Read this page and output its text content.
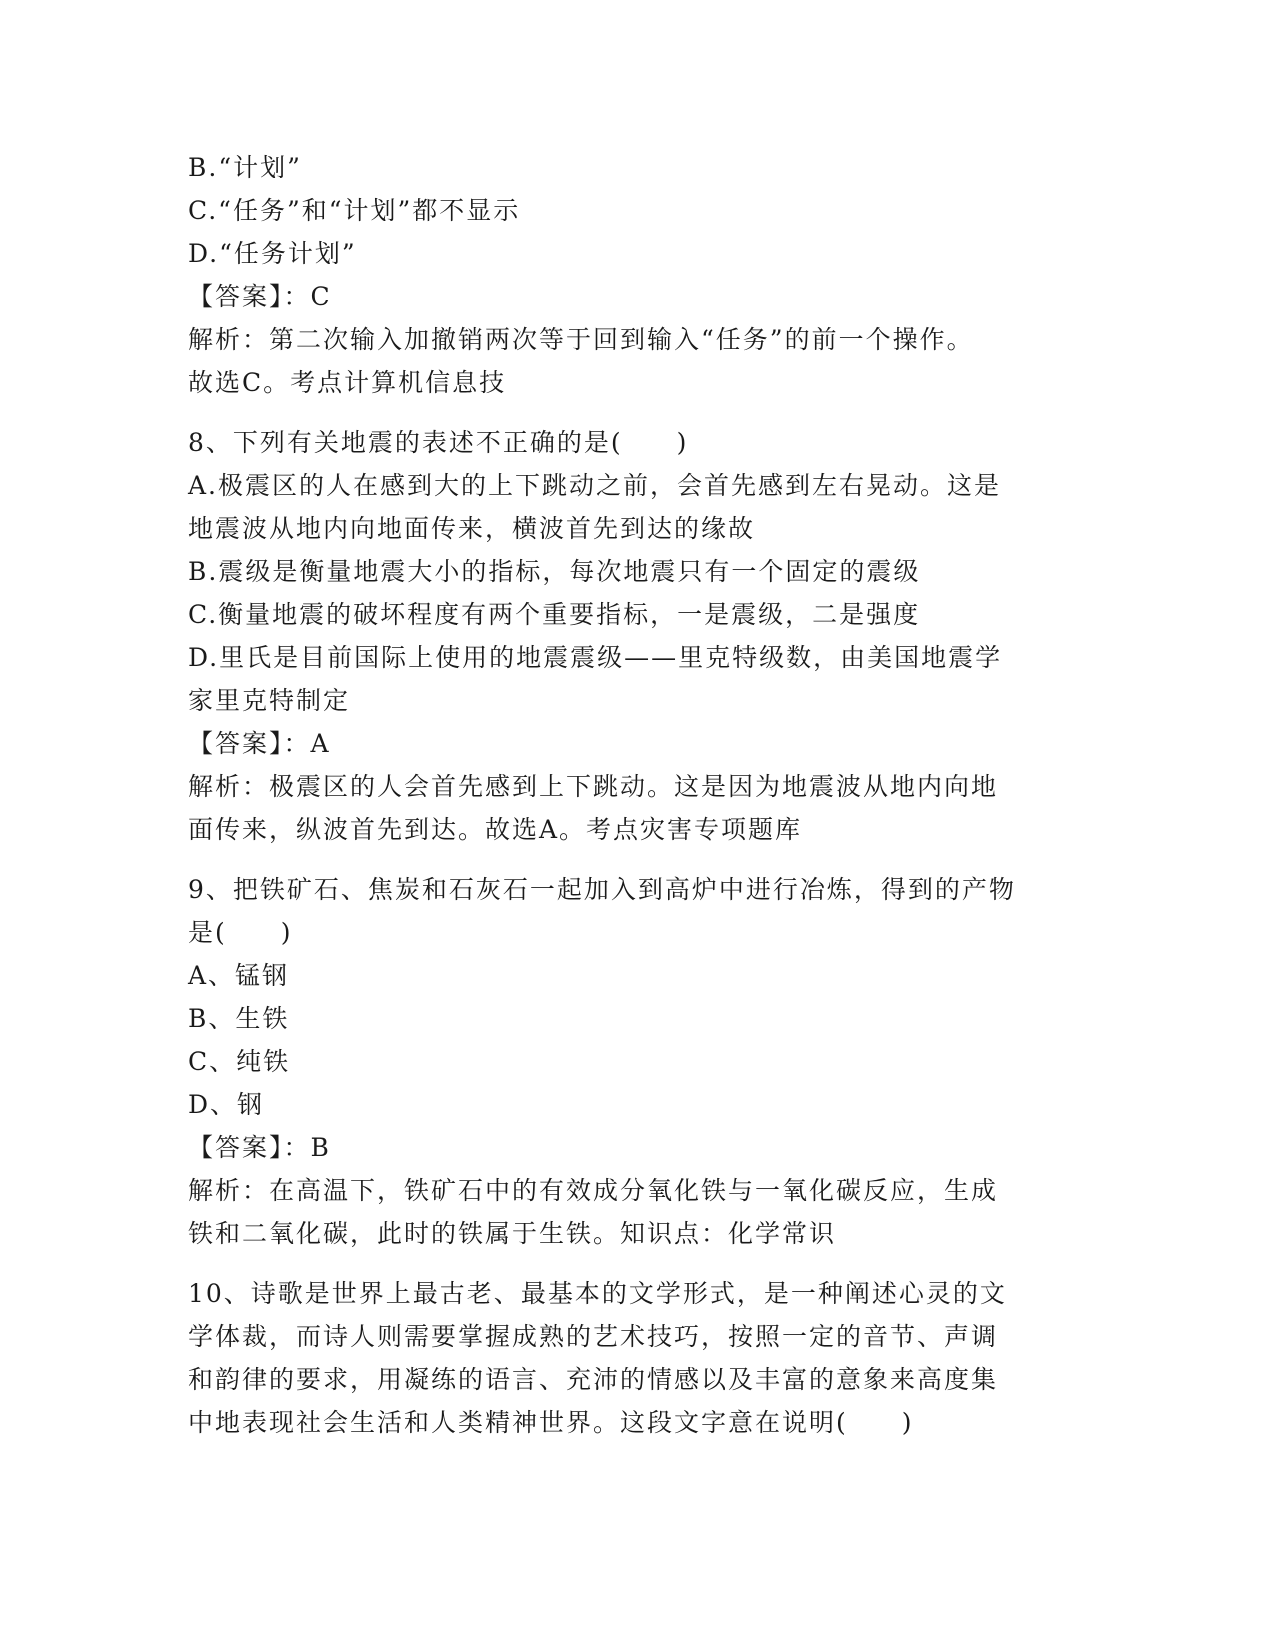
B.“计划”
C.“任务”和“计划”都不显示
D.“任务计划”
【答案】：C
解析：第二次输入加撤销两次等于回到输入“任务”的前一个操作。
故选C。考点计算机信息技
8、下列有关地震的表述不正确的是(　　)
A.极震区的人在感到大的上下跳动之前，会首先感到左右晃动。这是
地震波从地内向地面传来，横波首先到达的缘故
B.震级是衡量地震大小的指标，每次地震只有一个固定的震级
C.衡量地震的破坏程度有两个重要指标，一是震级，二是强度
D.里氏是目前国际上使用的地震震级——里克特级数，由美国地震学
家里克特制定
【答案】：A
解析：极震区的人会首先感到上下跳动。这是因为地震波从地内向地
面传来，纵波首先到达。故选A。考点灾害专项题库
9、把铁矿石、焦炭和石灰石一起加入到高炉中进行冶炼，得到的产物
是(　　)
A、锰钢
B、生铁
C、纯铁
D、钢
【答案】：B
解析：在高温下，铁矿石中的有效成分氧化铁与一氧化碳反应，生成
铁和二氧化碳，此时的铁属于生铁。知识点：化学常识
10、诗歌是世界上最古老、最基本的文学形式，是一种阐述心灵的文
学体裁，而诗人则需要掌握成熟的艺术技巧，按照一定的音节、声调
和韵律的要求，用凝练的语言、充沛的情感以及丰富的意象来高度集
中地表现社会生活和人类精神世界。这段文字意在说明(　　)
